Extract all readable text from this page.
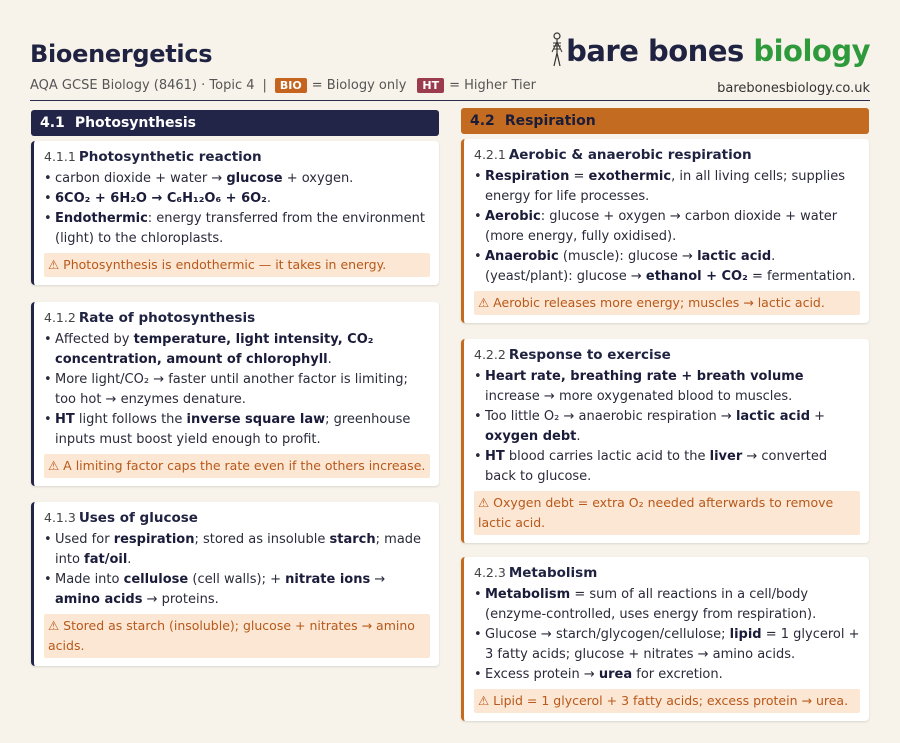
Bioenergetics
AQA GCSE Biology (8461) · Topic 4 |	BIO = Biology only	HT = Higher Tier
bare bones biology
barebonesbiology.co.uk
4.1 Photosynthesis
4.1.1 Photosynthetic reaction
• carbon dioxide + water → glucose + oxygen.
• 6CO₂ + 6H₂O → C₆H₁₂O₆ + 6O₂.
• Endothermic: energy transferred from the environment (light) to the chloroplasts.
⚠ Photosynthesis is endothermic — it takes in energy.
4.1.2 Rate of photosynthesis
• Affected by temperature, light intensity, CO₂ concentration, amount of chlorophyll.
• More light/CO₂ → faster until another factor is limiting; too hot → enzymes denature.
• HT light follows the inverse square law; greenhouse inputs must boost yield enough to profit.
⚠ A limiting factor caps the rate even if the others increase.
4.1.3 Uses of glucose
• Used for respiration; stored as insoluble starch; made into fat/oil.
• Made into cellulose (cell walls); + nitrate ions → amino acids → proteins.
⚠ Stored as starch (insoluble); glucose + nitrates → amino acids.
4.2 Respiration
4.2.1 Aerobic & anaerobic respiration
• Respiration = exothermic, in all living cells; supplies energy for life processes.
• Aerobic: glucose + oxygen → carbon dioxide + water (more energy, fully oxidised).
• Anaerobic (muscle): glucose → lactic acid. (yeast/plant): glucose → ethanol + CO₂ = fermentation.
⚠ Aerobic releases more energy; muscles → lactic acid.
4.2.2 Response to exercise
• Heart rate, breathing rate + breath volume increase → more oxygenated blood to muscles.
• Too little O₂ → anaerobic respiration → lactic acid + oxygen debt.
• HT blood carries lactic acid to the liver → converted back to glucose.
⚠ Oxygen debt = extra O₂ needed afterwards to remove lactic acid.
4.2.3 Metabolism
• Metabolism = sum of all reactions in a cell/body (enzyme-controlled, uses energy from respiration).
• Glucose → starch/glycogen/cellulose; lipid = 1 glycerol + 3 fatty acids; glucose + nitrates → amino acids.
• Excess protein → urea for excretion.
⚠ Lipid = 1 glycerol + 3 fatty acids; excess protein → urea.
